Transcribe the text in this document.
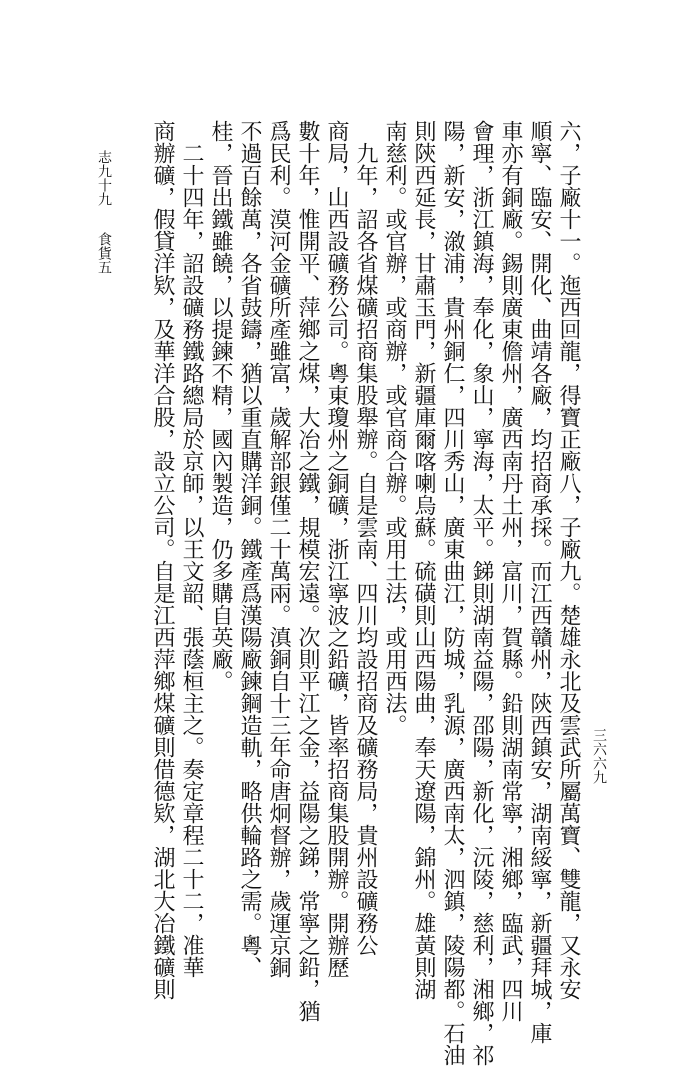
志九十九
食貨五
三六六九
六，子廠十一。迤西回龍，得寶正廠八，子廠九。楚雄永北及雲武所屬萬寶、雙龍，又永安
順寧、臨安、開化、曲靖各廠，均招商承採。而江西贛州，陝西鎮安，湖南綏寧，新疆拜城，庫
車亦有銅廠。錫則廣東儋州，廣西南丹土州，富川，賀縣。鉛則湖南常寧，湘鄉，臨武，四川
會理，浙江鎮海，奉化，象山，寧海，太平。銻則湖南益陽，邵陽，新化，沅陵，慈利，湘鄉，祁
陽，新安，漵浦，貴州銅仁，四川秀山，廣東曲江，防城，乳源，廣西南太，泗鎮，陵陽都。石油
則陝西延長，甘肅玉門，新疆庫爾喀喇烏蘇。硫磺則山西陽曲，奉天遼陽，錦州。雄黃則湖
南慈利。或官辦，或商辦，或官商合辦。或用土法，或用西法。
　九年，詔各省煤礦招商集股舉辦。自是雲南、四川均設招商及礦務局，貴州設礦務公
商局，山西設礦務公司。粵東瓊州之銅礦，浙江寧波之鉛礦，皆率招商集股開辦。開辦歷
數十年，惟開平、萍鄉之煤，大冶之鐵，規模宏遠。次則平江之金，益陽之銻，常寧之鉛，猶
爲民利。漠河金礦所產雖富，歲解部銀僅二十萬兩。滇銅自十三年命唐炯督辦，歲運京銅
不過百餘萬，各省鼓鑄，猶以重直購洋銅。鐵產爲漢陽廠鍊鋼造軌，略供輪路之需。粵、
桂，晉出鐵雖饒，以提鍊不精，國內製造，仍多購自英廠。
　二十四年，詔設礦務鐵路總局於京師，以王文韶、張蔭桓主之。奏定章程二十二，准華
商辦礦，假貸洋欵，及華洋合股，設立公司。自是江西萍鄉煤礦則借德欵，湖北大冶鐵礦則
